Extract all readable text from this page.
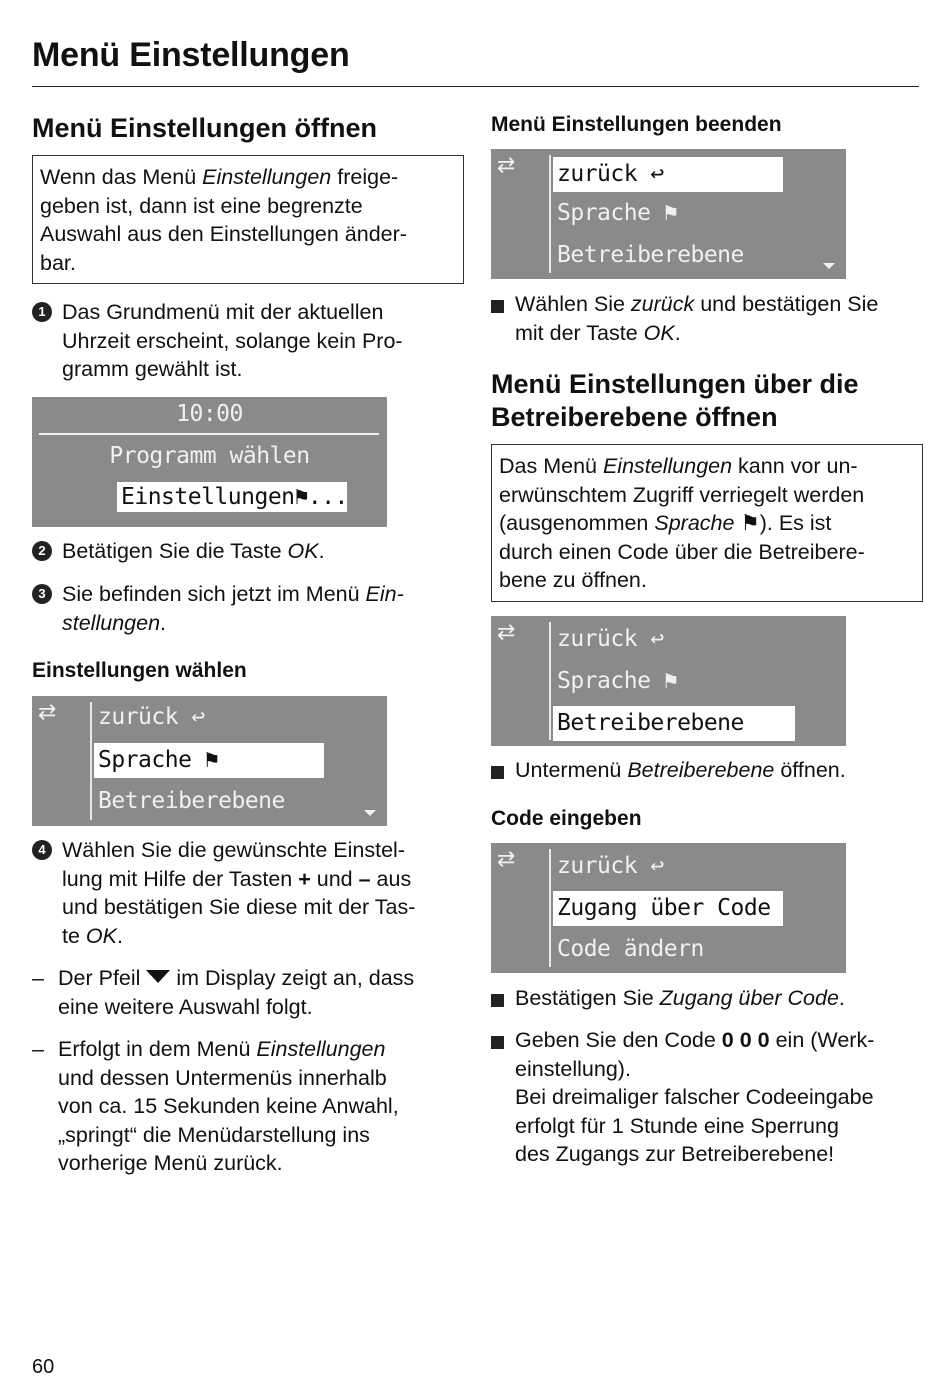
Menü Einstellungen
Menü Einstellungen öffnen
Wenn das Menü Einstellungen freige-
geben ist, dann ist eine begrenzte
Auswahl aus den Einstellungen änder-
bar.
1 Das Grundmenü mit der aktuellen
Uhrzeit erscheint, solange kein Pro-
gramm gewählt ist.
10:00
Programm wählen
Einstellungen⚑...
2 Betätigen Sie die Taste OK.
3 Sie befinden sich jetzt im Menü Ein-
stellungen.
Einstellungen wählen
⇄ zurück ↩
Sprache ⚑
Betreiberebene
4 Wählen Sie die gewünschte Einstel-
lung mit Hilfe der Tasten + und – aus
und bestätigen Sie diese mit der Tas-
te OK.
– Der Pfeil  im Display zeigt an, dass
eine weitere Auswahl folgt.
– Erfolgt in dem Menü Einstellungen
und dessen Untermenüs innerhalb
von ca. 15 Sekunden keine Anwahl,
„springt“ die Menüdarstellung ins
vorherige Menü zurück.
Menü Einstellungen beenden
⇄ zurück ↩
Sprache ⚑
Betreiberebene
Wählen Sie zurück und bestätigen Sie
mit der Taste OK.
Menü Einstellungen über die
Betreiberebene öffnen
Das Menü Einstellungen kann vor un-
erwünschtem Zugriff verriegelt werden
(ausgenommen Sprache ⚑). Es ist
durch einen Code über die Betreibere-
bene zu öffnen.
⇄ zurück ↩
Sprache ⚑
Betreiberebene
Untermenü Betreiberebene öffnen.
Code eingeben
⇄ zurück ↩
Zugang über Code
Code ändern
Bestätigen Sie Zugang über Code.
Geben Sie den Code 0 0 0 ein (Werk-
einstellung).
Bei dreimaliger falscher Codeeingabe
erfolgt für 1 Stunde eine Sperrung
des Zugangs zur Betreiberebene!
60
